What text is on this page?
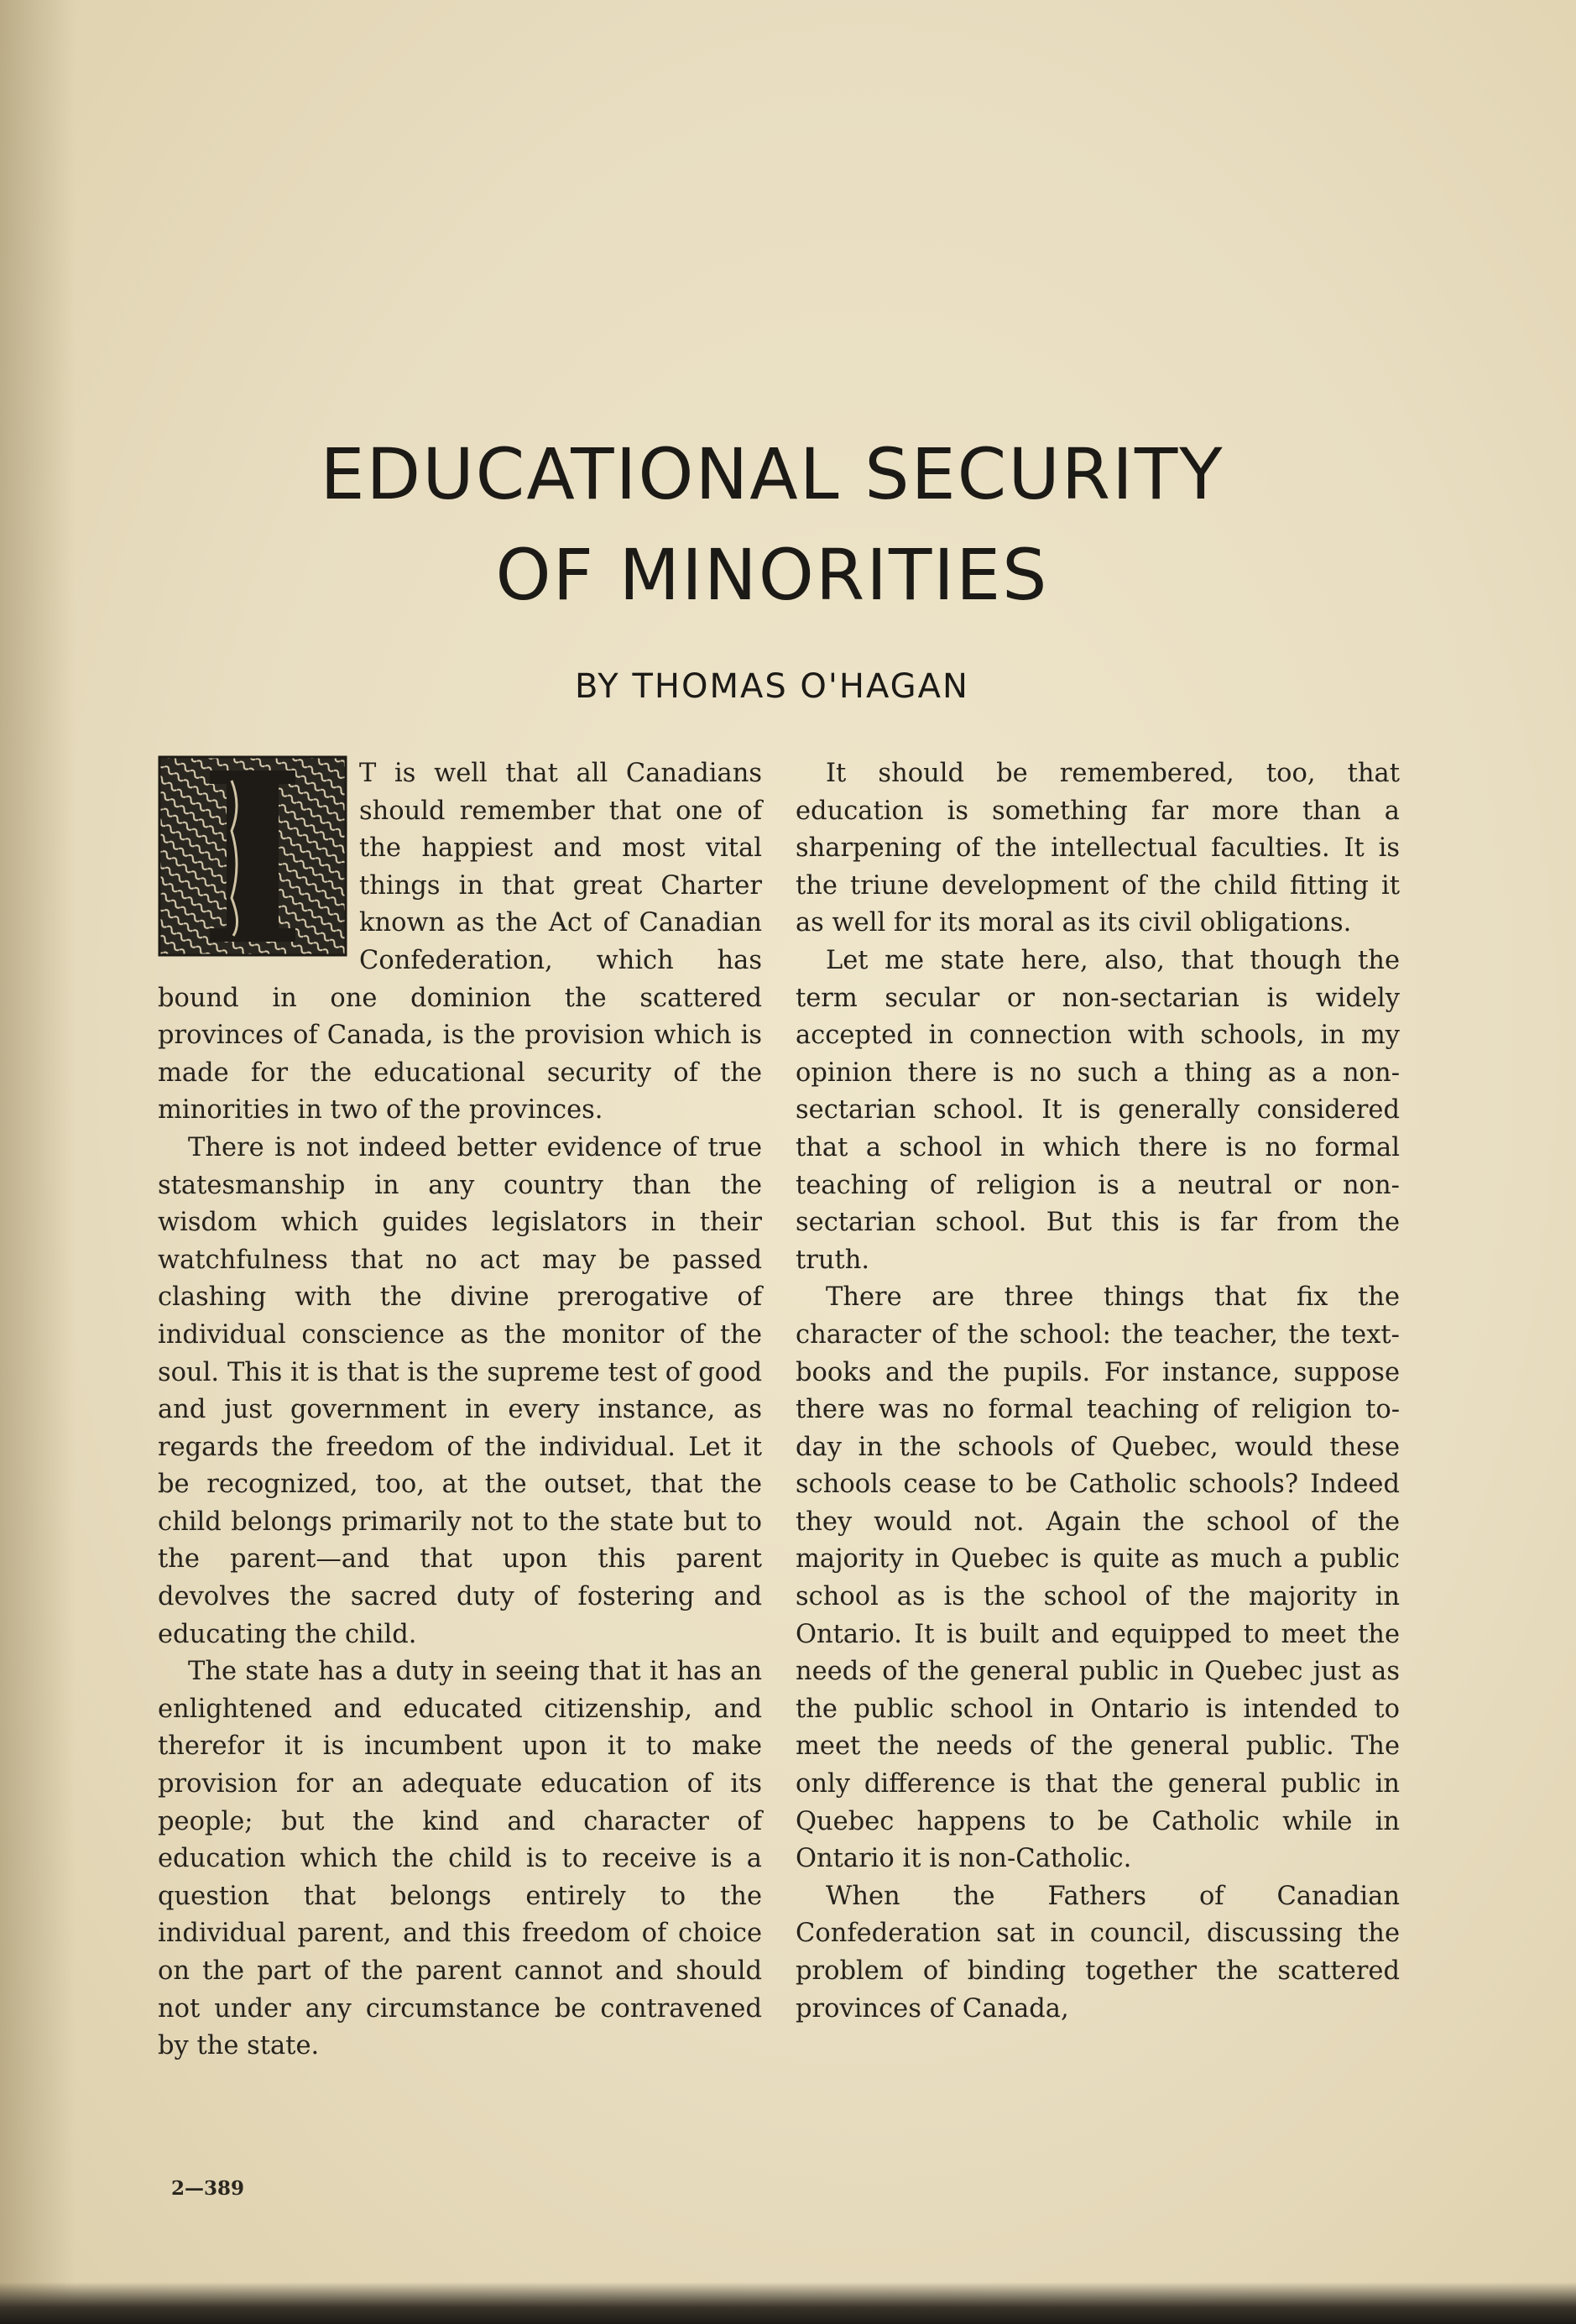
EDUCATIONAL SECURITY
OF MINORITIES
BY THOMAS O'HAGAN
I

T is well that all Canadians should remember that one of the happiest and most vital things in that great Charter known as the Act of Canadian Confederation, which has bound in one dominion the scattered provinces of Canada, is the provision which is made for the educational security of the minorities in two of the provinces.

There is not indeed better evidence of true statesmanship in any country than the wisdom which guides legislators in their watchfulness that no act may be passed clashing with the divine prerogative of individual conscience as the monitor of the soul. This it is that is the supreme test of good and just government in every instance, as regards the freedom of the individual. Let it be recognized, too, at the outset, that the child belongs primarily not to the state but to the parent—and that upon this parent devolves the sacred duty of fostering and educating the child.

The state has a duty in seeing that it has an enlightened and educated citizenship, and therefor it is incumbent upon it to make provision for an adequate education of its people; but the kind and character of education which the child is to receive is a question that belongs entirely to the individual parent, and this freedom of choice on the part of the parent cannot and should not under any circumstance be contravened by the state.

It should be remembered, too, that education is something far more than a sharpening of the intellectual faculties. It is the triune development of the child fitting it as well for its moral as its civil obligations.

Let me state here, also, that though the term secular or non-sectarian is widely accepted in connection with schools, in my opinion there is no such a thing as a non-sectarian school. It is generally considered that a school in which there is no formal teaching of religion is a neutral or non-sectarian school. But this is far from the truth.

There are three things that fix the character of the school: the teacher, the text-books and the pupils. For instance, suppose there was no formal teaching of religion to-day in the schools of Quebec, would these schools cease to be Catholic schools? Indeed they would not. Again the school of the majority in Quebec is quite as much a public school as is the school of the majority in Ontario. It is built and equipped to meet the needs of the general public in Quebec just as the public school in Ontario is intended to meet the needs of the general public. The only difference is that the general public in Quebec happens to be Catholic while in Ontario it is non-Catholic.

When the Fathers of Canadian Confederation sat in council, discussing the problem of binding together the scattered provinces of Canada,

2—389
